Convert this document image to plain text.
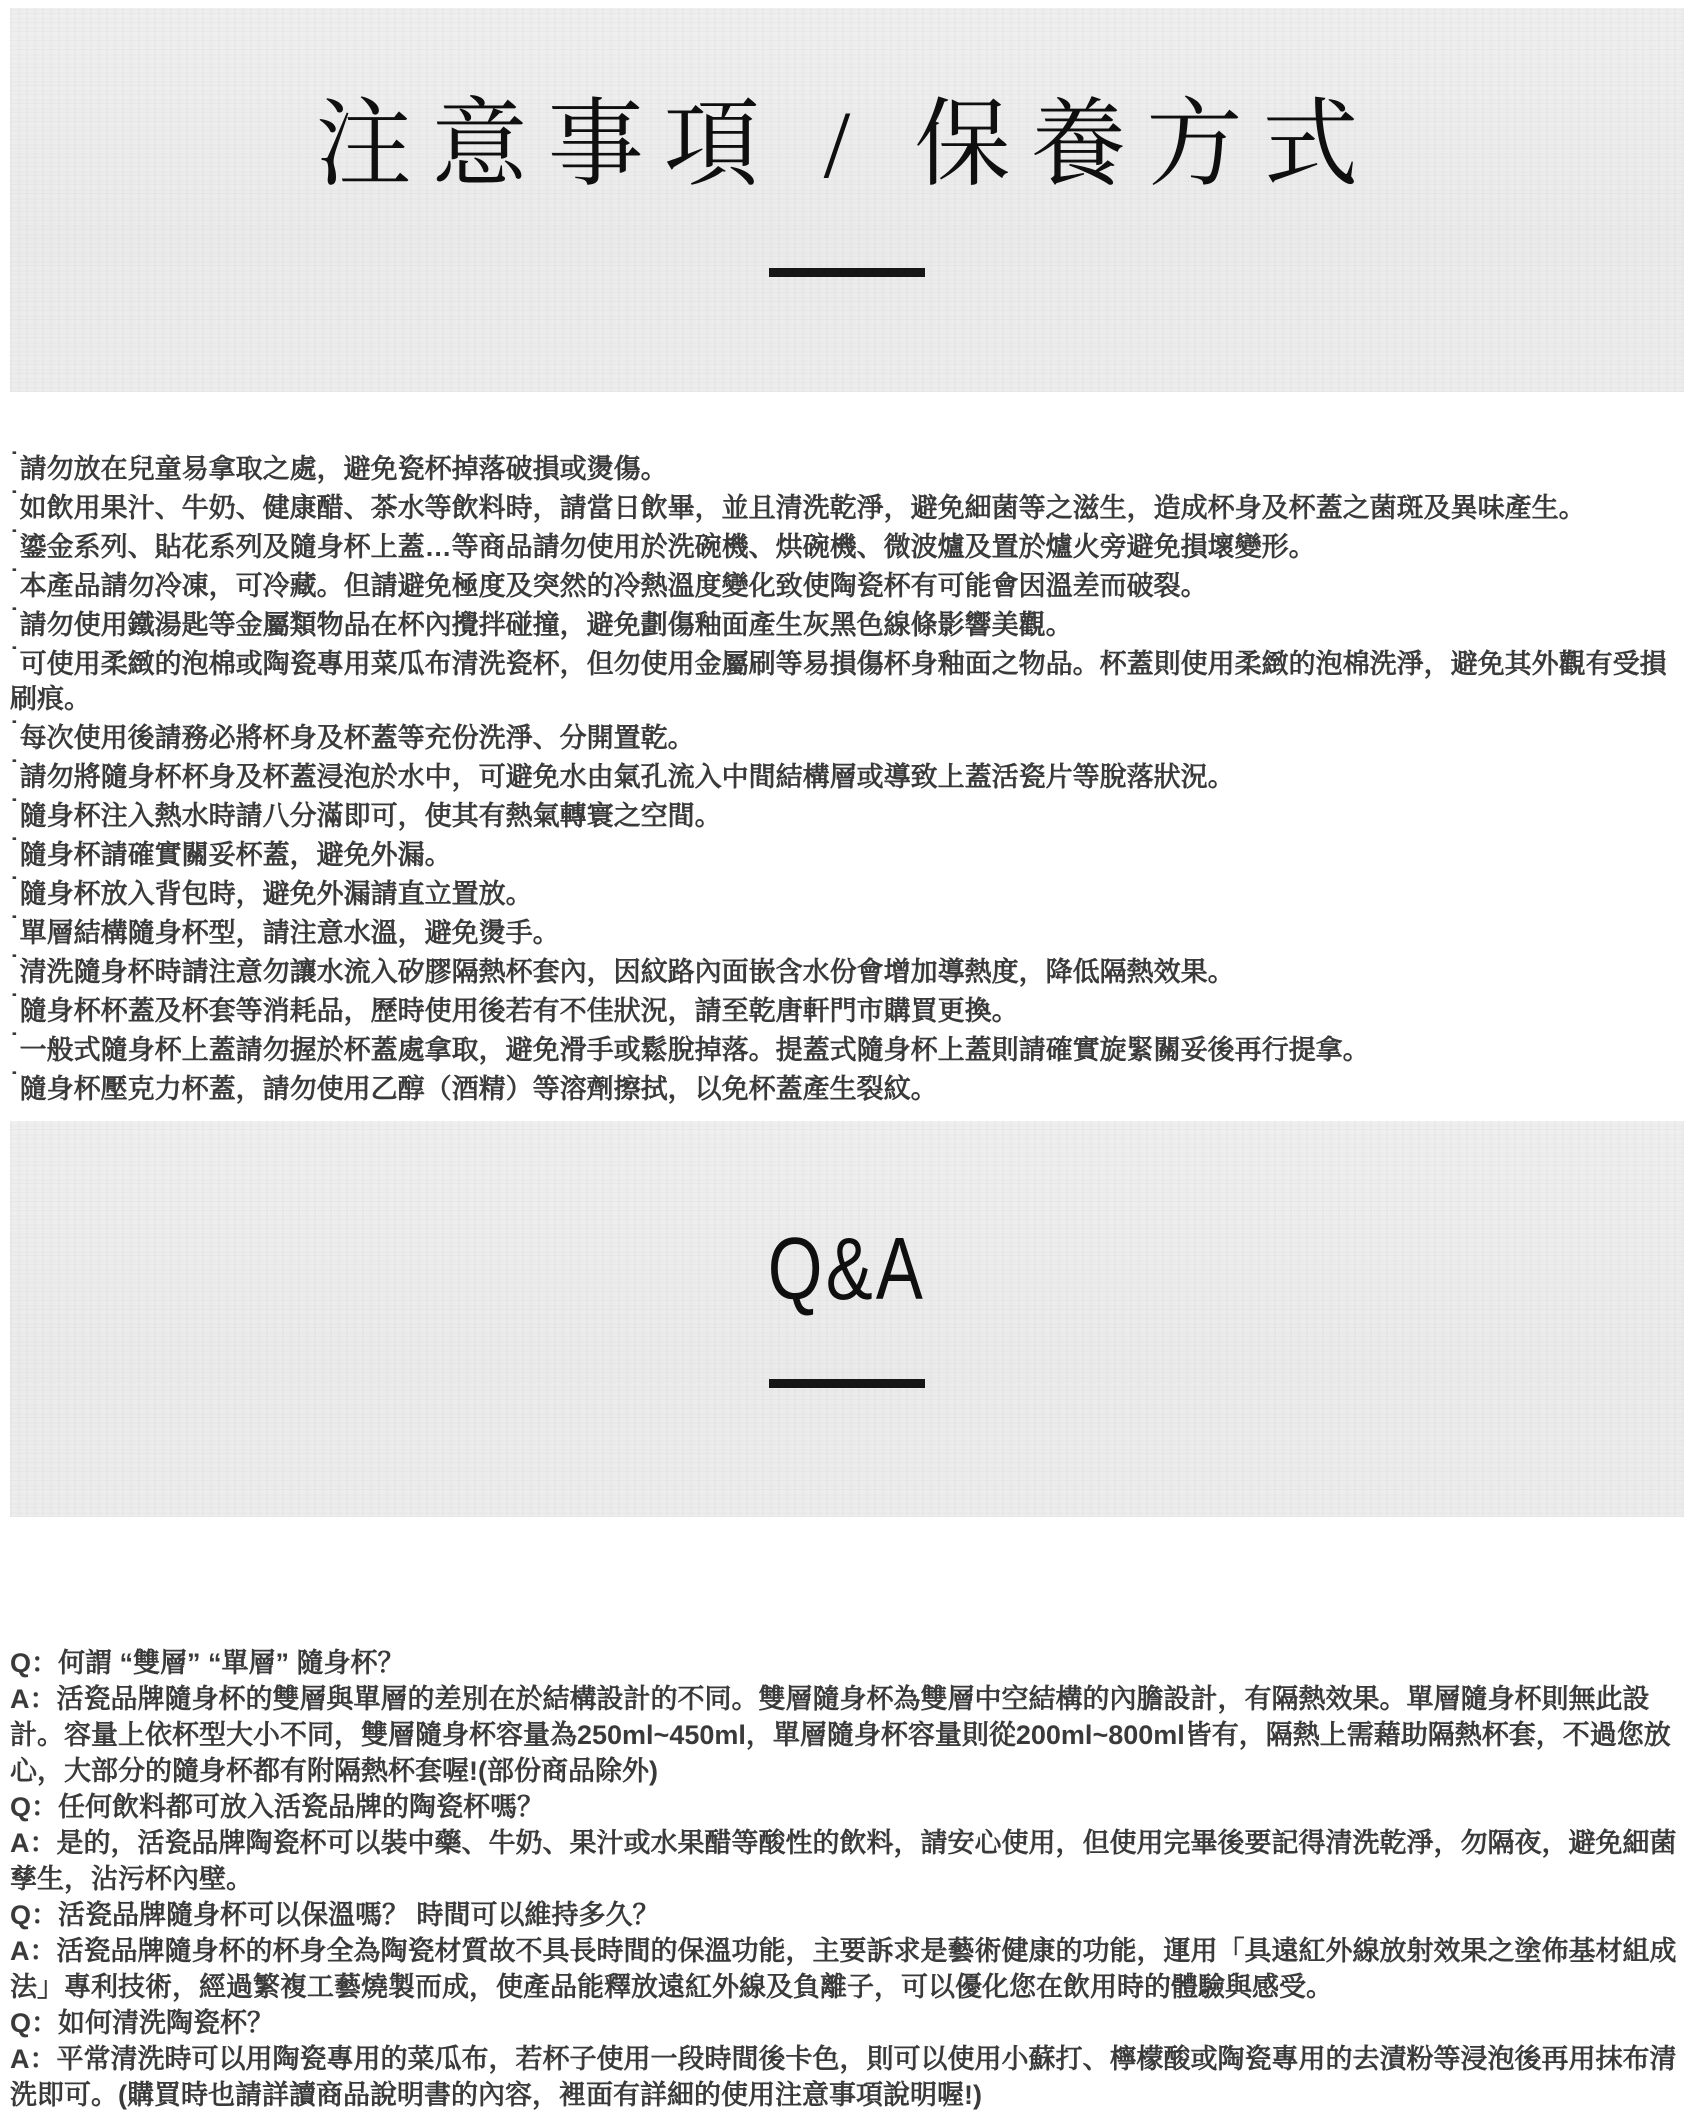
注意事項 / 保養方式
˙請勿放在兒童易拿取之處，避免瓷杯掉落破損或燙傷。
˙如飲用果汁、牛奶、健康醋、茶水等飲料時，請當日飲畢，並且清洗乾淨，避免細菌等之滋生，造成杯身及杯蓋之菌斑及異味產生。
˙鎏金系列、貼花系列及隨身杯上蓋…等商品請勿使用於洗碗機、烘碗機、微波爐及置於爐火旁避免損壞變形。
˙本產品請勿冷凍，可冷藏。但請避免極度及突然的冷熱溫度變化致使陶瓷杯有可能會因溫差而破裂。
˙請勿使用鐵湯匙等金屬類物品在杯內攪拌碰撞，避免劃傷釉面產生灰黑色線條影響美觀。
˙可使用柔緻的泡棉或陶瓷專用菜瓜布清洗瓷杯，但勿使用金屬刷等易損傷杯身釉面之物品。杯蓋則使用柔緻的泡棉洗淨，避免其外觀有受損刷痕。
˙每次使用後請務必將杯身及杯蓋等充份洗淨、分開置乾。
˙請勿將隨身杯杯身及杯蓋浸泡於水中，可避免水由氣孔流入中間結構層或導致上蓋活瓷片等脫落狀況。
˙隨身杯注入熱水時請八分滿即可，使其有熱氣轉寰之空間。
˙隨身杯請確實關妥杯蓋，避免外漏。
˙隨身杯放入背包時，避免外漏請直立置放。
˙單層結構隨身杯型，請注意水溫，避免燙手。
˙清洗隨身杯時請注意勿讓水流入矽膠隔熱杯套內，因紋路內面嵌含水份會增加導熱度，降低隔熱效果。
˙隨身杯杯蓋及杯套等消耗品，歷時使用後若有不佳狀況，請至乾唐軒門市購買更換。
˙一般式隨身杯上蓋請勿握於杯蓋處拿取，避免滑手或鬆脫掉落。提蓋式隨身杯上蓋則請確實旋緊關妥後再行提拿。
˙隨身杯壓克力杯蓋，請勿使用乙醇（酒精）等溶劑擦拭，以免杯蓋產生裂紋。
Q&A

Q：何謂 “雙層” “單層” 隨身杯？

A：活瓷品牌隨身杯的雙層與單層的差別在於結構設計的不同。雙層隨身杯為雙層中空結構的內膽設計，有隔熱效果。單層隨身杯則無此設計。容量上依杯型大小不同，雙層隨身杯容量為250ml~450ml，單層隨身杯容量則從200ml~800ml皆有，隔熱上需藉助隔熱杯套，不過您放心，大部分的隨身杯都有附隔熱杯套喔!(部份商品除外)

Q：任何飲料都可放入活瓷品牌的陶瓷杯嗎？

A：是的，活瓷品牌陶瓷杯可以裝中藥、牛奶、果汁或水果醋等酸性的飲料，請安心使用，但使用完畢後要記得清洗乾淨，勿隔夜，避免細菌孳生，沾污杯內壁。

Q：活瓷品牌隨身杯可以保溫嗎？ 時間可以維持多久？

A：活瓷品牌隨身杯的杯身全為陶瓷材質故不具長時間的保溫功能，主要訴求是藝術健康的功能，運用「具遠紅外線放射效果之塗佈基材組成法」專利技術，經過繁複工藝燒製而成，使產品能釋放遠紅外線及負離子，可以優化您在飲用時的體驗與感受。

Q：如何清洗陶瓷杯？

A：平常清洗時可以用陶瓷專用的菜瓜布，若杯子使用一段時間後卡色，則可以使用小蘇打、檸檬酸或陶瓷專用的去漬粉等浸泡後再用抹布清洗即可。(購買時也請詳讀商品說明書的內容，裡面有詳細的使用注意事項說明喔!)
